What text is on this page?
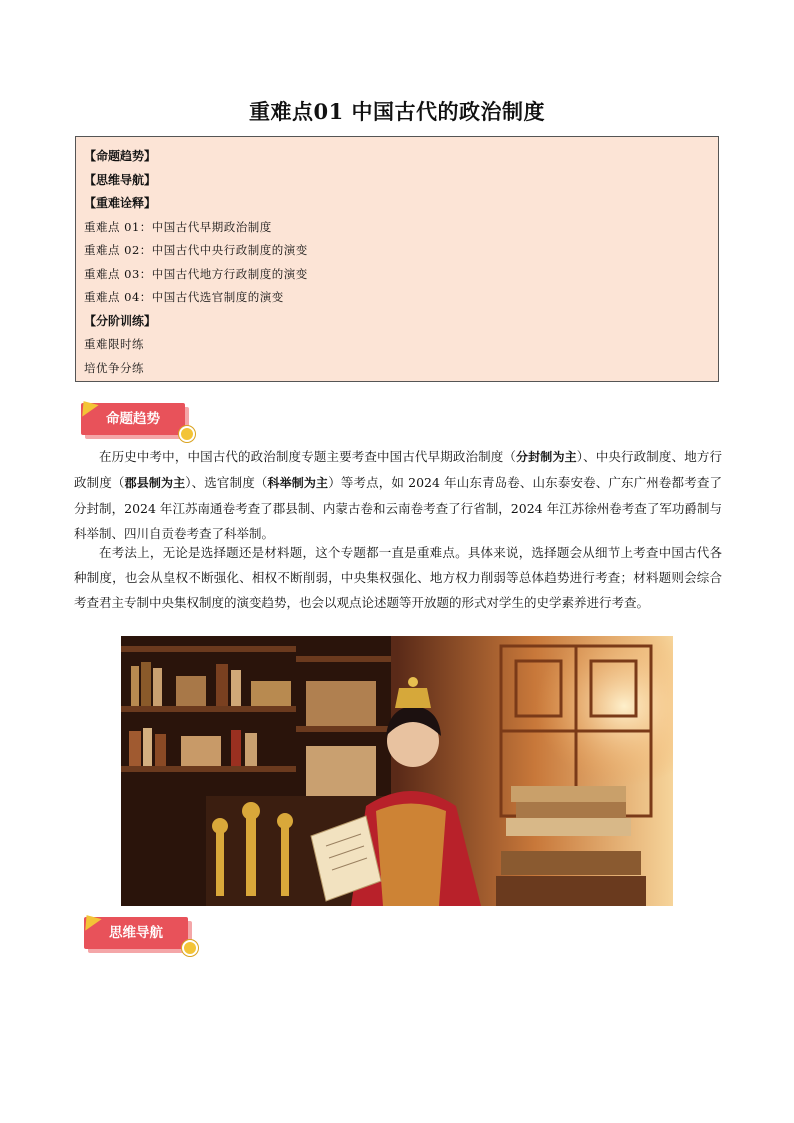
重难点01 中国古代的政治制度
【命题趋势】
【思维导航】
【重难诠释】
重难点 01：中国古代早期政治制度
重难点 02：中国古代中央行政制度的演变
重难点 03：中国古代地方行政制度的演变
重难点 04：中国古代选官制度的演变
【分阶训练】
重难限时练
培优争分练
命题趋势
在历史中考中，中国古代的政治制度专题主要考查中国古代早期政治制度（分封制为主）、中央行政制度、地方行政制度（郡县制为主）、选官制度（科举制为主）等考点，如 2024 年山东青岛卷、山东泰安卷、广东广州卷都考查了分封制，2024 年江苏南通卷考查了郡县制、内蒙古卷和云南卷考查了行省制，2024 年江苏徐州卷考查了军功爵制与科举制、四川自贡卷考查了科举制。
在考法上，无论是选择题还是材料题，这个专题都一直是重难点。具体来说，选择题会从细节上考查中国古代各种制度，也会从皇权不断强化、相权不断削弱，中央集权强化、地方权力削弱等总体趋势进行考查；材料题则会综合考查君主专制中央集权制度的演变趋势，也会以观点论述题等开放题的形式对学生的史学素养进行考查。
思维导航
